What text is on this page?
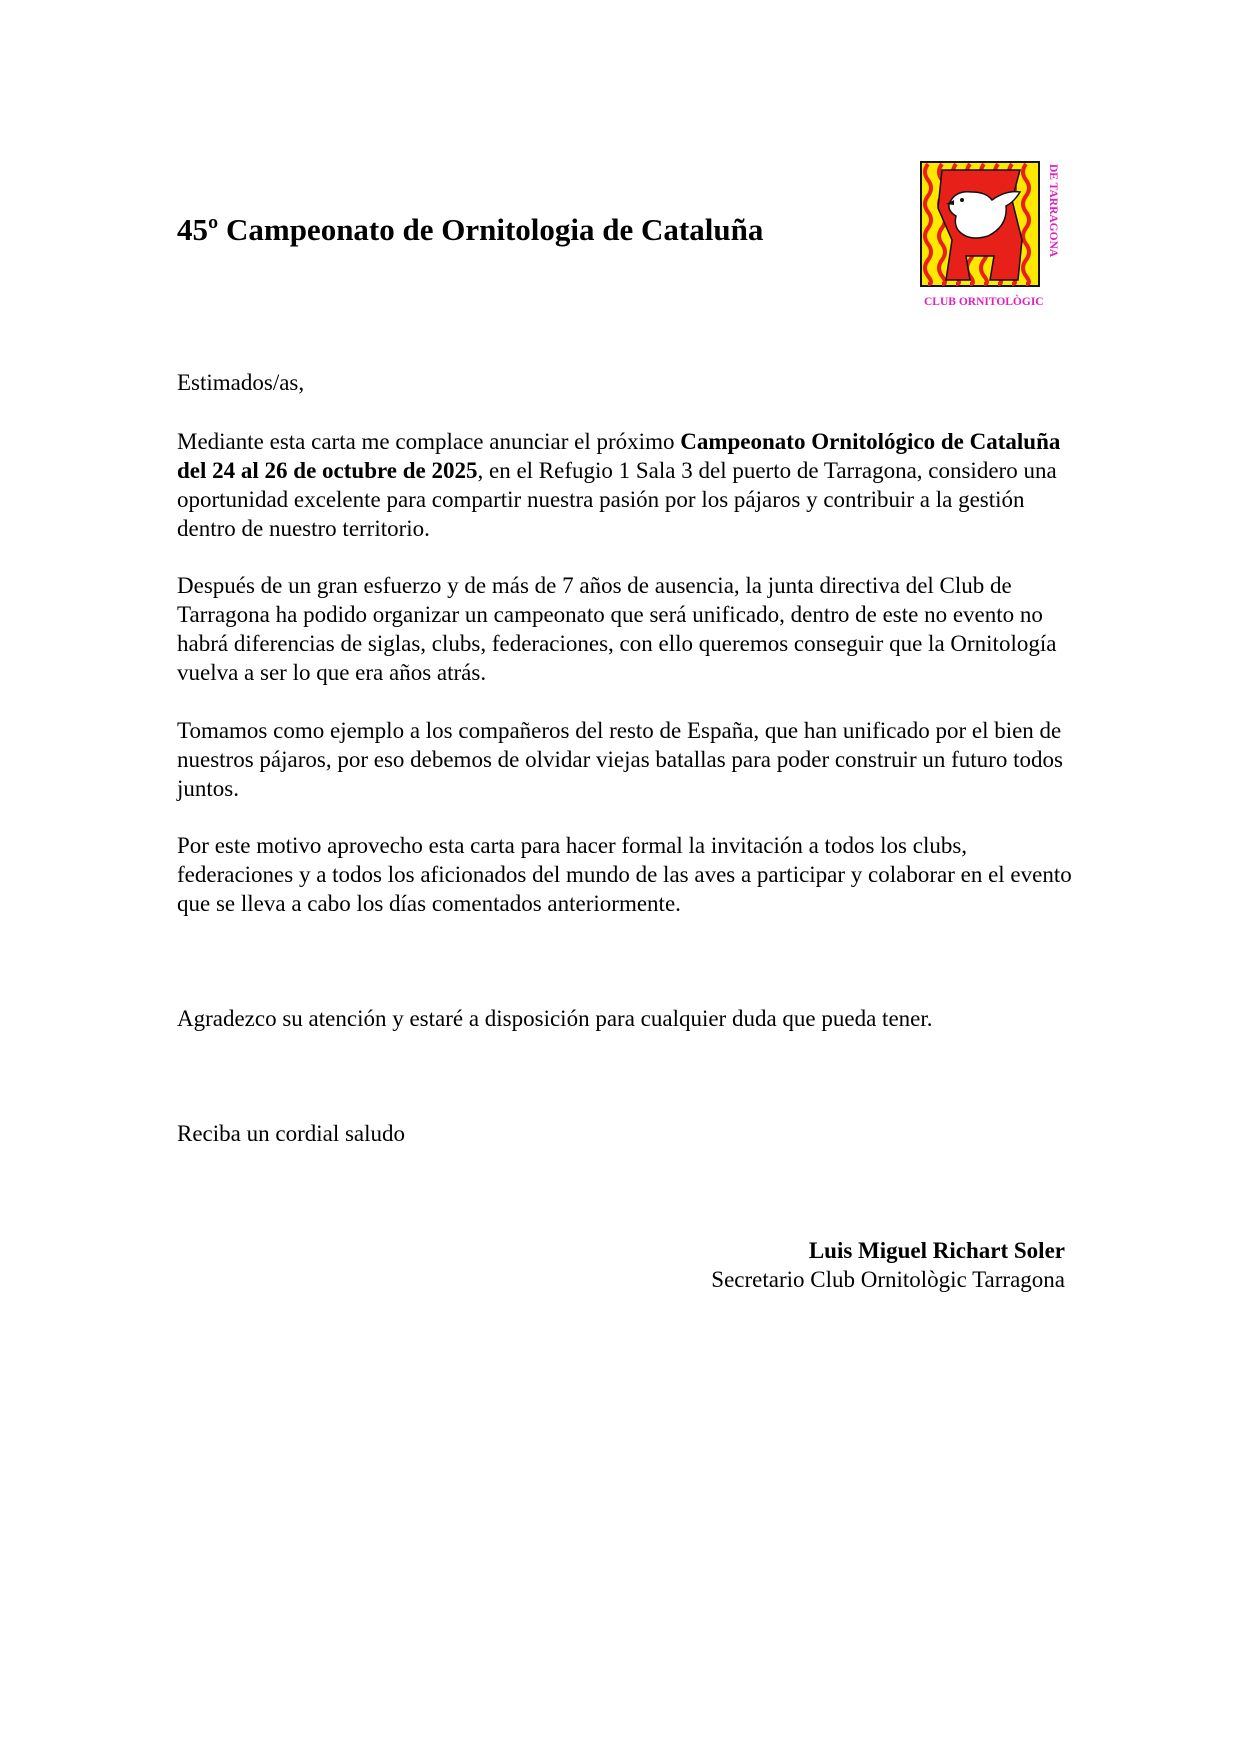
45º Campeonato de Ornitologia de Cataluña
CLUB ORNITOLÒGIC
DE TARRAGONA

Estimados/as,

Mediante esta carta me complace anunciar el próximo Campeonato Ornitológico de Cataluña del 24 al 26 de octubre de 2025, en el Refugio 1 Sala 3 del puerto de Tarragona, considero una oportunidad excelente para compartir nuestra pasión por los pájaros y contribuir a la gestión dentro de nuestro territorio.

Después de un gran esfuerzo y de más de 7 años de ausencia, la junta directiva del Club de Tarragona ha podido organizar un campeonato que será unificado, dentro de este no evento no habrá diferencias de siglas, clubs, federaciones, con ello queremos conseguir que la Ornitología vuelva a ser lo que era años atrás.

Tomamos como ejemplo a los compañeros del resto de España, que han unificado por el bien de nuestros pájaros, por eso debemos de olvidar viejas batallas para poder construir un futuro todos juntos.

Por este motivo aprovecho esta carta para hacer formal la invitación a todos los clubs, federaciones y a todos los aficionados del mundo de las aves a participar y colaborar en el evento que se lleva a cabo los días comentados anteriormente.

Agradezco su atención y estaré a disposición para cualquier duda que pueda tener.

Reciba un cordial saludo

Luis Miguel Richart Soler

Secretario Club Ornitològic Tarragona
